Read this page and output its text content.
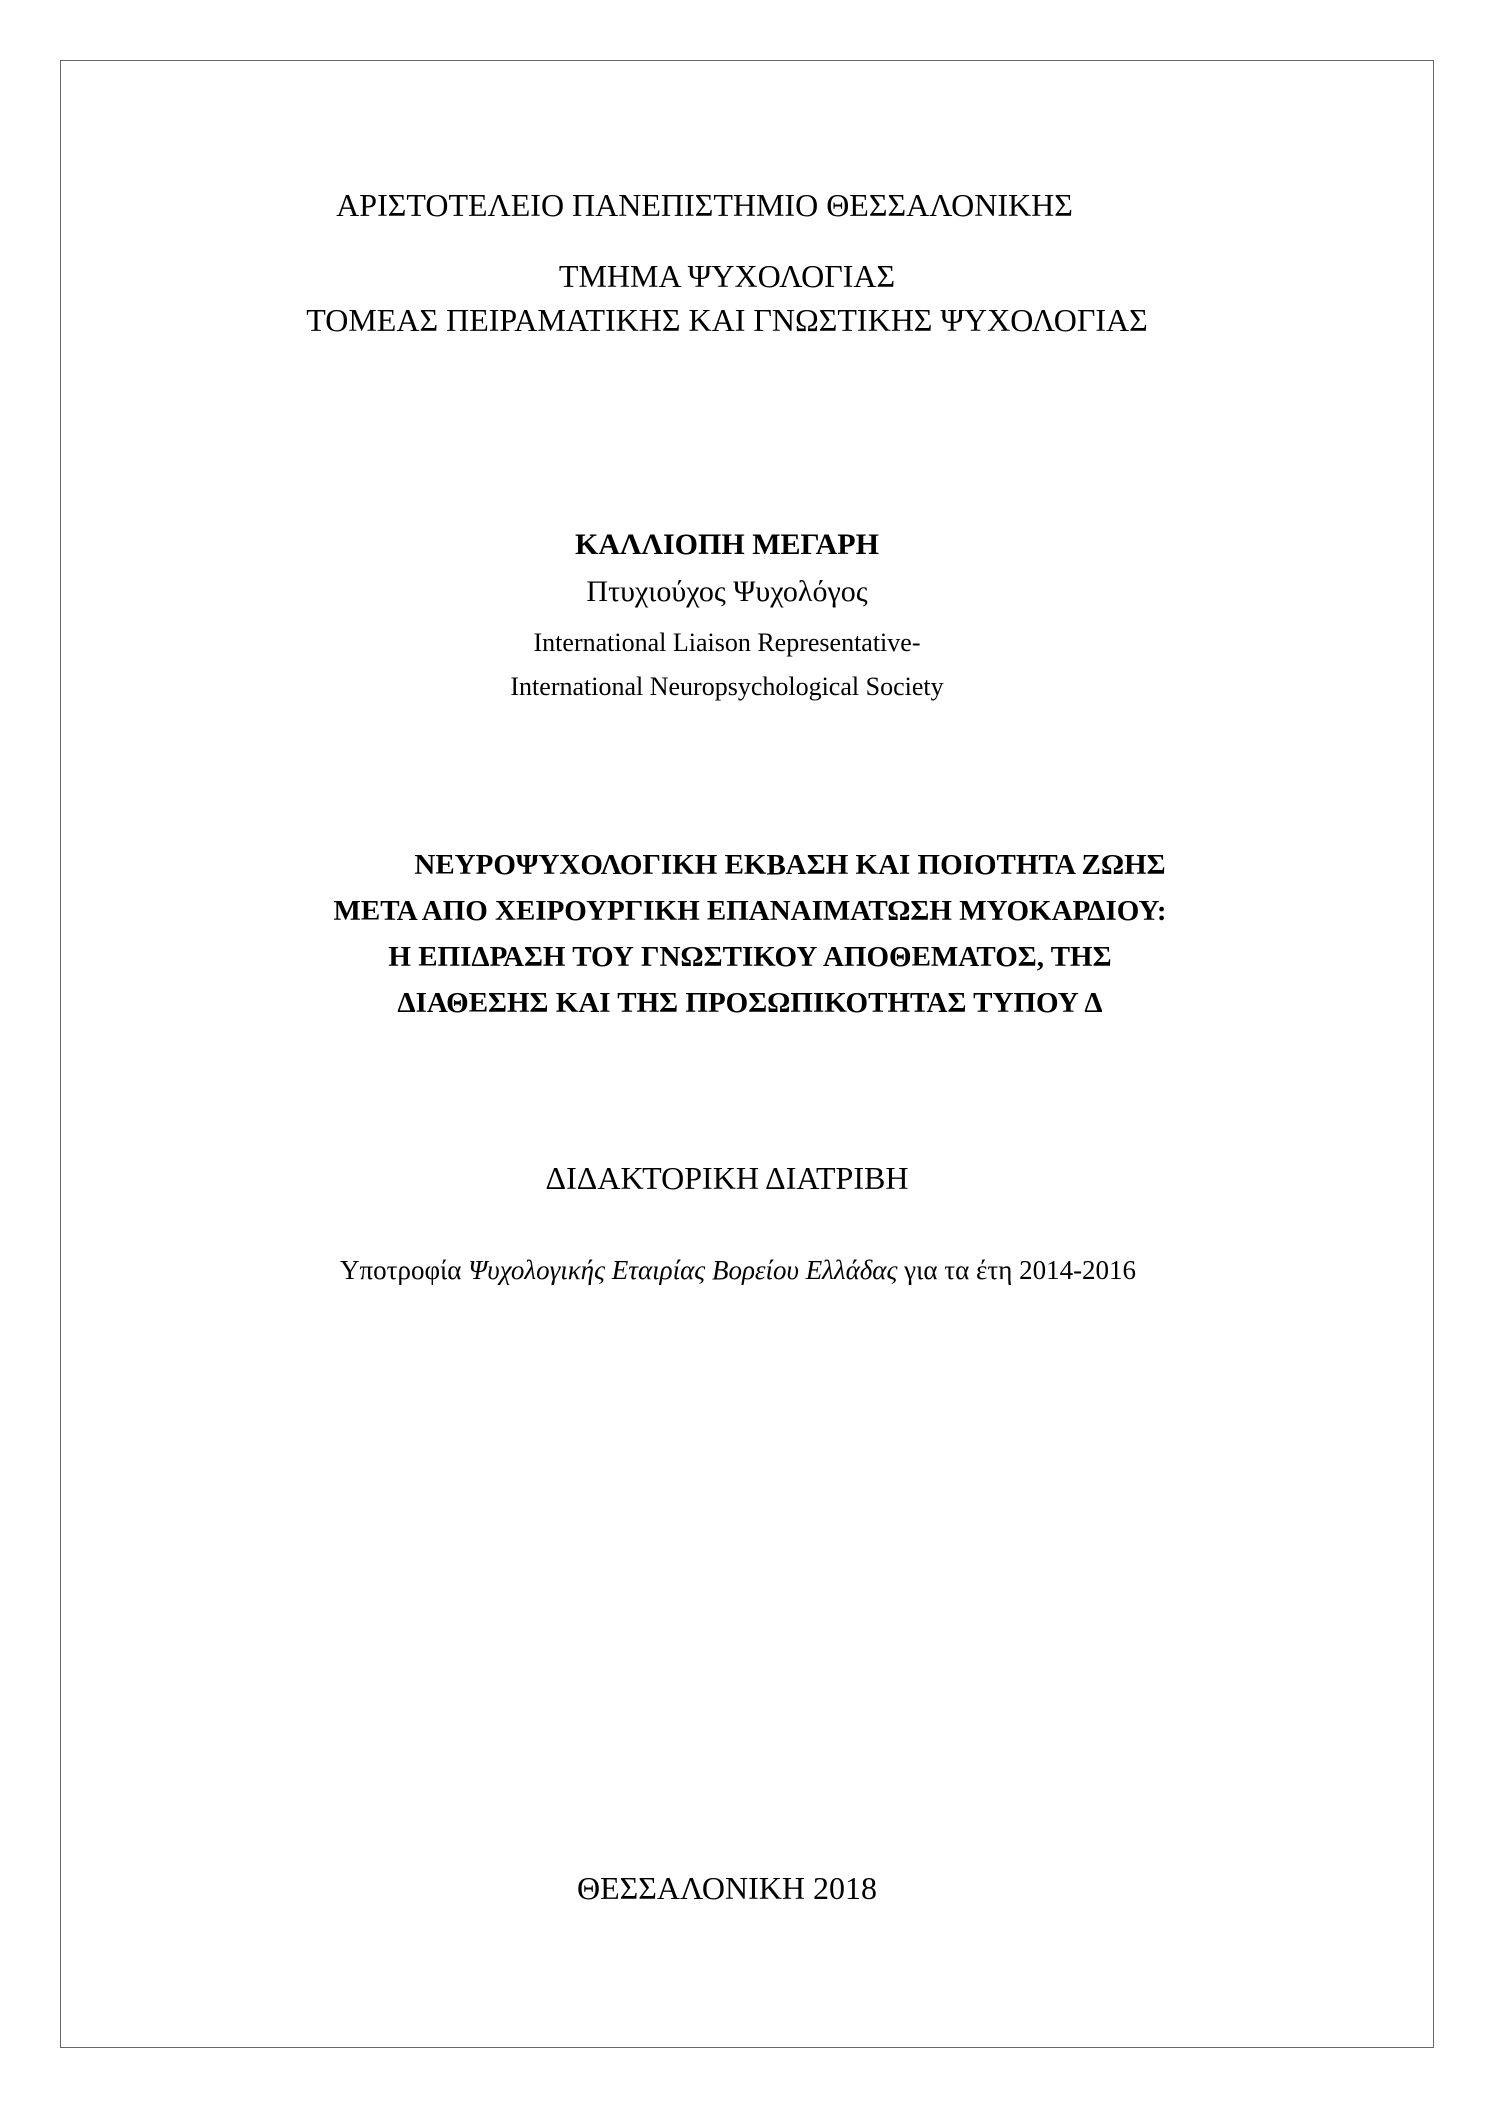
ΑΡΙΣΤΟΤΕΛΕΙΟ ΠΑΝΕΠΙΣΤΗΜΙΟ ΘΕΣΣΑΛΟΝΙΚΗΣ
ΤΜΗΜΑ ΨΥΧΟΛΟΓΙΑΣ
ΤΟΜΕΑΣ ΠΕΙΡΑΜΑΤΙΚΗΣ ΚΑΙ ΓΝΩΣΤΙΚΗΣ ΨΥΧΟΛΟΓΙΑΣ
ΚΑΛΛΙΟΠΗ ΜΕΓΑΡΗ
Πτυχιούχος Ψυχολόγος
International Liaison Representative-
International Neuropsychological Society
ΝΕΥΡΟΨΥΧΟΛΟΓΙΚΗ ΕΚΒΑΣΗ ΚΑΙ ΠΟΙΟΤΗΤΑ ΖΩΗΣ
ΜΕΤΑ ΑΠΟ ΧΕΙΡΟΥΡΓΙΚΗ ΕΠΑΝΑΙΜΑΤΩΣΗ ΜΥΟΚΑΡΔΙΟΥ:
Η ΕΠΙΔΡΑΣΗ ΤΟΥ ΓΝΩΣΤΙΚΟΥ ΑΠΟΘΕΜΑΤΟΣ, ΤΗΣ
ΔΙΑΘΕΣΗΣ ΚΑΙ ΤΗΣ ΠΡΟΣΩΠΙΚΟΤΗΤΑΣ ΤΥΠΟΥ Δ
ΔΙΔΑΚΤΟΡΙΚΗ ΔΙΑΤΡΙΒΗ
Υποτροφία Ψυχολογικής Εταιρίας Βορείου Ελλάδας για τα έτη 2014-2016
ΘΕΣΣΑΛΟΝΙΚΗ 2018
